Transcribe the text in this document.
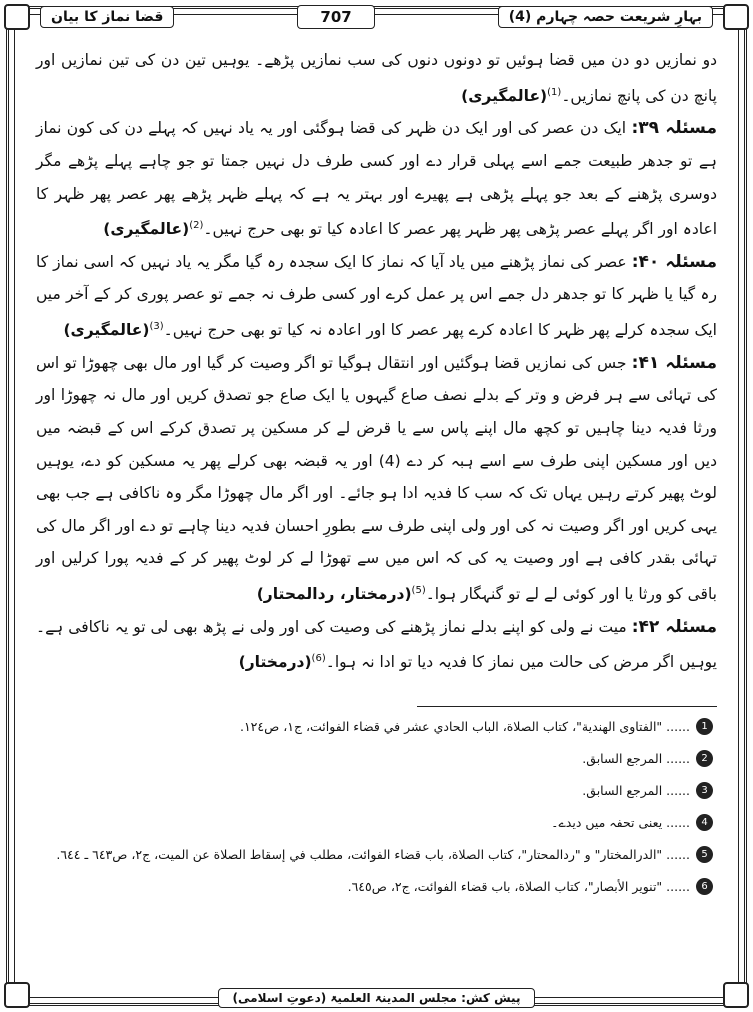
بہارِ شریعت حصہ چہارم (4)
707
قضا نماز کا بیان

دو نمازیں دو دن میں قضا ہوئیں تو دونوں دنوں کی سب نمازیں پڑھے۔ یوہیں تین دن کی تین نمازیں اور پانچ دن کی پانچ نمازیں۔$^{(1)}$(عالمگیری)

مسئلہ ۳۹: ایک دن عصر کی اور ایک دن ظہر کی قضا ہوگئی اور یہ یاد نہیں کہ پہلے دن کی کون نماز ہے تو جدھر طبیعت جمے اسے پہلی قرار دے اور کسی طرف دل نہیں جمتا تو جو چاہے پہلے پڑھے مگر دوسری پڑھنے کے بعد جو پہلے پڑھی ہے پھیرے اور بہتر یہ ہے کہ پہلے ظہر پڑھے پھر عصر پھر ظہر کا اعادہ اور اگر پہلے عصر پڑھی پھر ظہر پھر عصر کا اعادہ کیا تو بھی حرج نہیں۔$^{(2)}$(عالمگیری)

مسئلہ ۴۰: عصر کی نماز پڑھنے میں یاد آیا کہ نماز کا ایک سجدہ رہ گیا مگر یہ یاد نہیں کہ اسی نماز کا رہ گیا یا ظہر کا تو جدھر دل جمے اس پر عمل کرے اور کسی طرف نہ جمے تو عصر پوری کر کے آخر میں ایک سجدہ کرلے پھر ظہر کا اعادہ کرے پھر عصر کا اور اعادہ نہ کیا تو بھی حرج نہیں۔$^{(3)}$(عالمگیری)

مسئلہ ۴۱: جس کی نمازیں قضا ہوگئیں اور انتقال ہوگیا تو اگر وصیت کر گیا اور مال بھی چھوڑا تو اس کی تہائی سے ہر فرض و وتر کے بدلے نصف صاع گیہوں یا ایک صاع جو تصدق کریں اور مال نہ چھوڑا اور ورثا فدیہ دینا چاہیں تو کچھ مال اپنے پاس سے یا قرض لے کر مسکین پر تصدق کرکے اس کے قبضہ میں دیں اور مسکین اپنی طرف سے اسے ہبہ کر دے (4) اور یہ قبضہ بھی کرلے پھر یہ مسکین کو دے، یوہیں لوٹ پھیر کرتے رہیں یہاں تک کہ سب کا فدیہ ادا ہو جائے۔ اور اگر مال چھوڑا مگر وہ ناکافی ہے جب بھی یہی کریں اور اگر وصیت نہ کی اور ولی اپنی طرف سے بطورِ احسان فدیہ دینا چاہے تو دے اور اگر مال کی تہائی بقدر کافی ہے اور وصیت یہ کی کہ اس میں سے تھوڑا لے کر لوٹ پھیر کر کے فدیہ پورا کرلیں اور باقی کو ورثا یا اور کوئی لے لے تو گنہگار ہوا۔$^{(5)}$(درمختار، ردالمحتار)

مسئلہ ۴۲: میت نے ولی کو اپنے بدلے نماز پڑھنے کی وصیت کی اور ولی نے پڑھ بھی لی تو یہ ناکافی ہے۔ یوہیں اگر مرض کی حالت میں نماز کا فدیہ دیا تو ادا نہ ہوا۔$^{(6)}$(درمختار)

1
...... "الفتاوی الهندية"، كتاب الصلاة، الباب الحادي عشر في قضاء الفوائت، ج١، ص١٢٤.
2
...... المرجع السابق.
3
...... المرجع السابق.
4
...... یعنی تحفہ میں دیدے۔
5
...... "الدرالمختار" و "ردالمحتار"، كتاب الصلاة، باب قضاء الفوائت، مطلب في إسقاط الصلاة عن الميت، ج٢، ص٦٤٣ ـ ٦٤٤.
6
...... "تنوير الأبصار"، كتاب الصلاة، باب قضاء الفوائت، ج٢، ص٦٤٥.
پیش کش: مجلس المدینۃ العلمیۃ (دعوتِ اسلامی)
